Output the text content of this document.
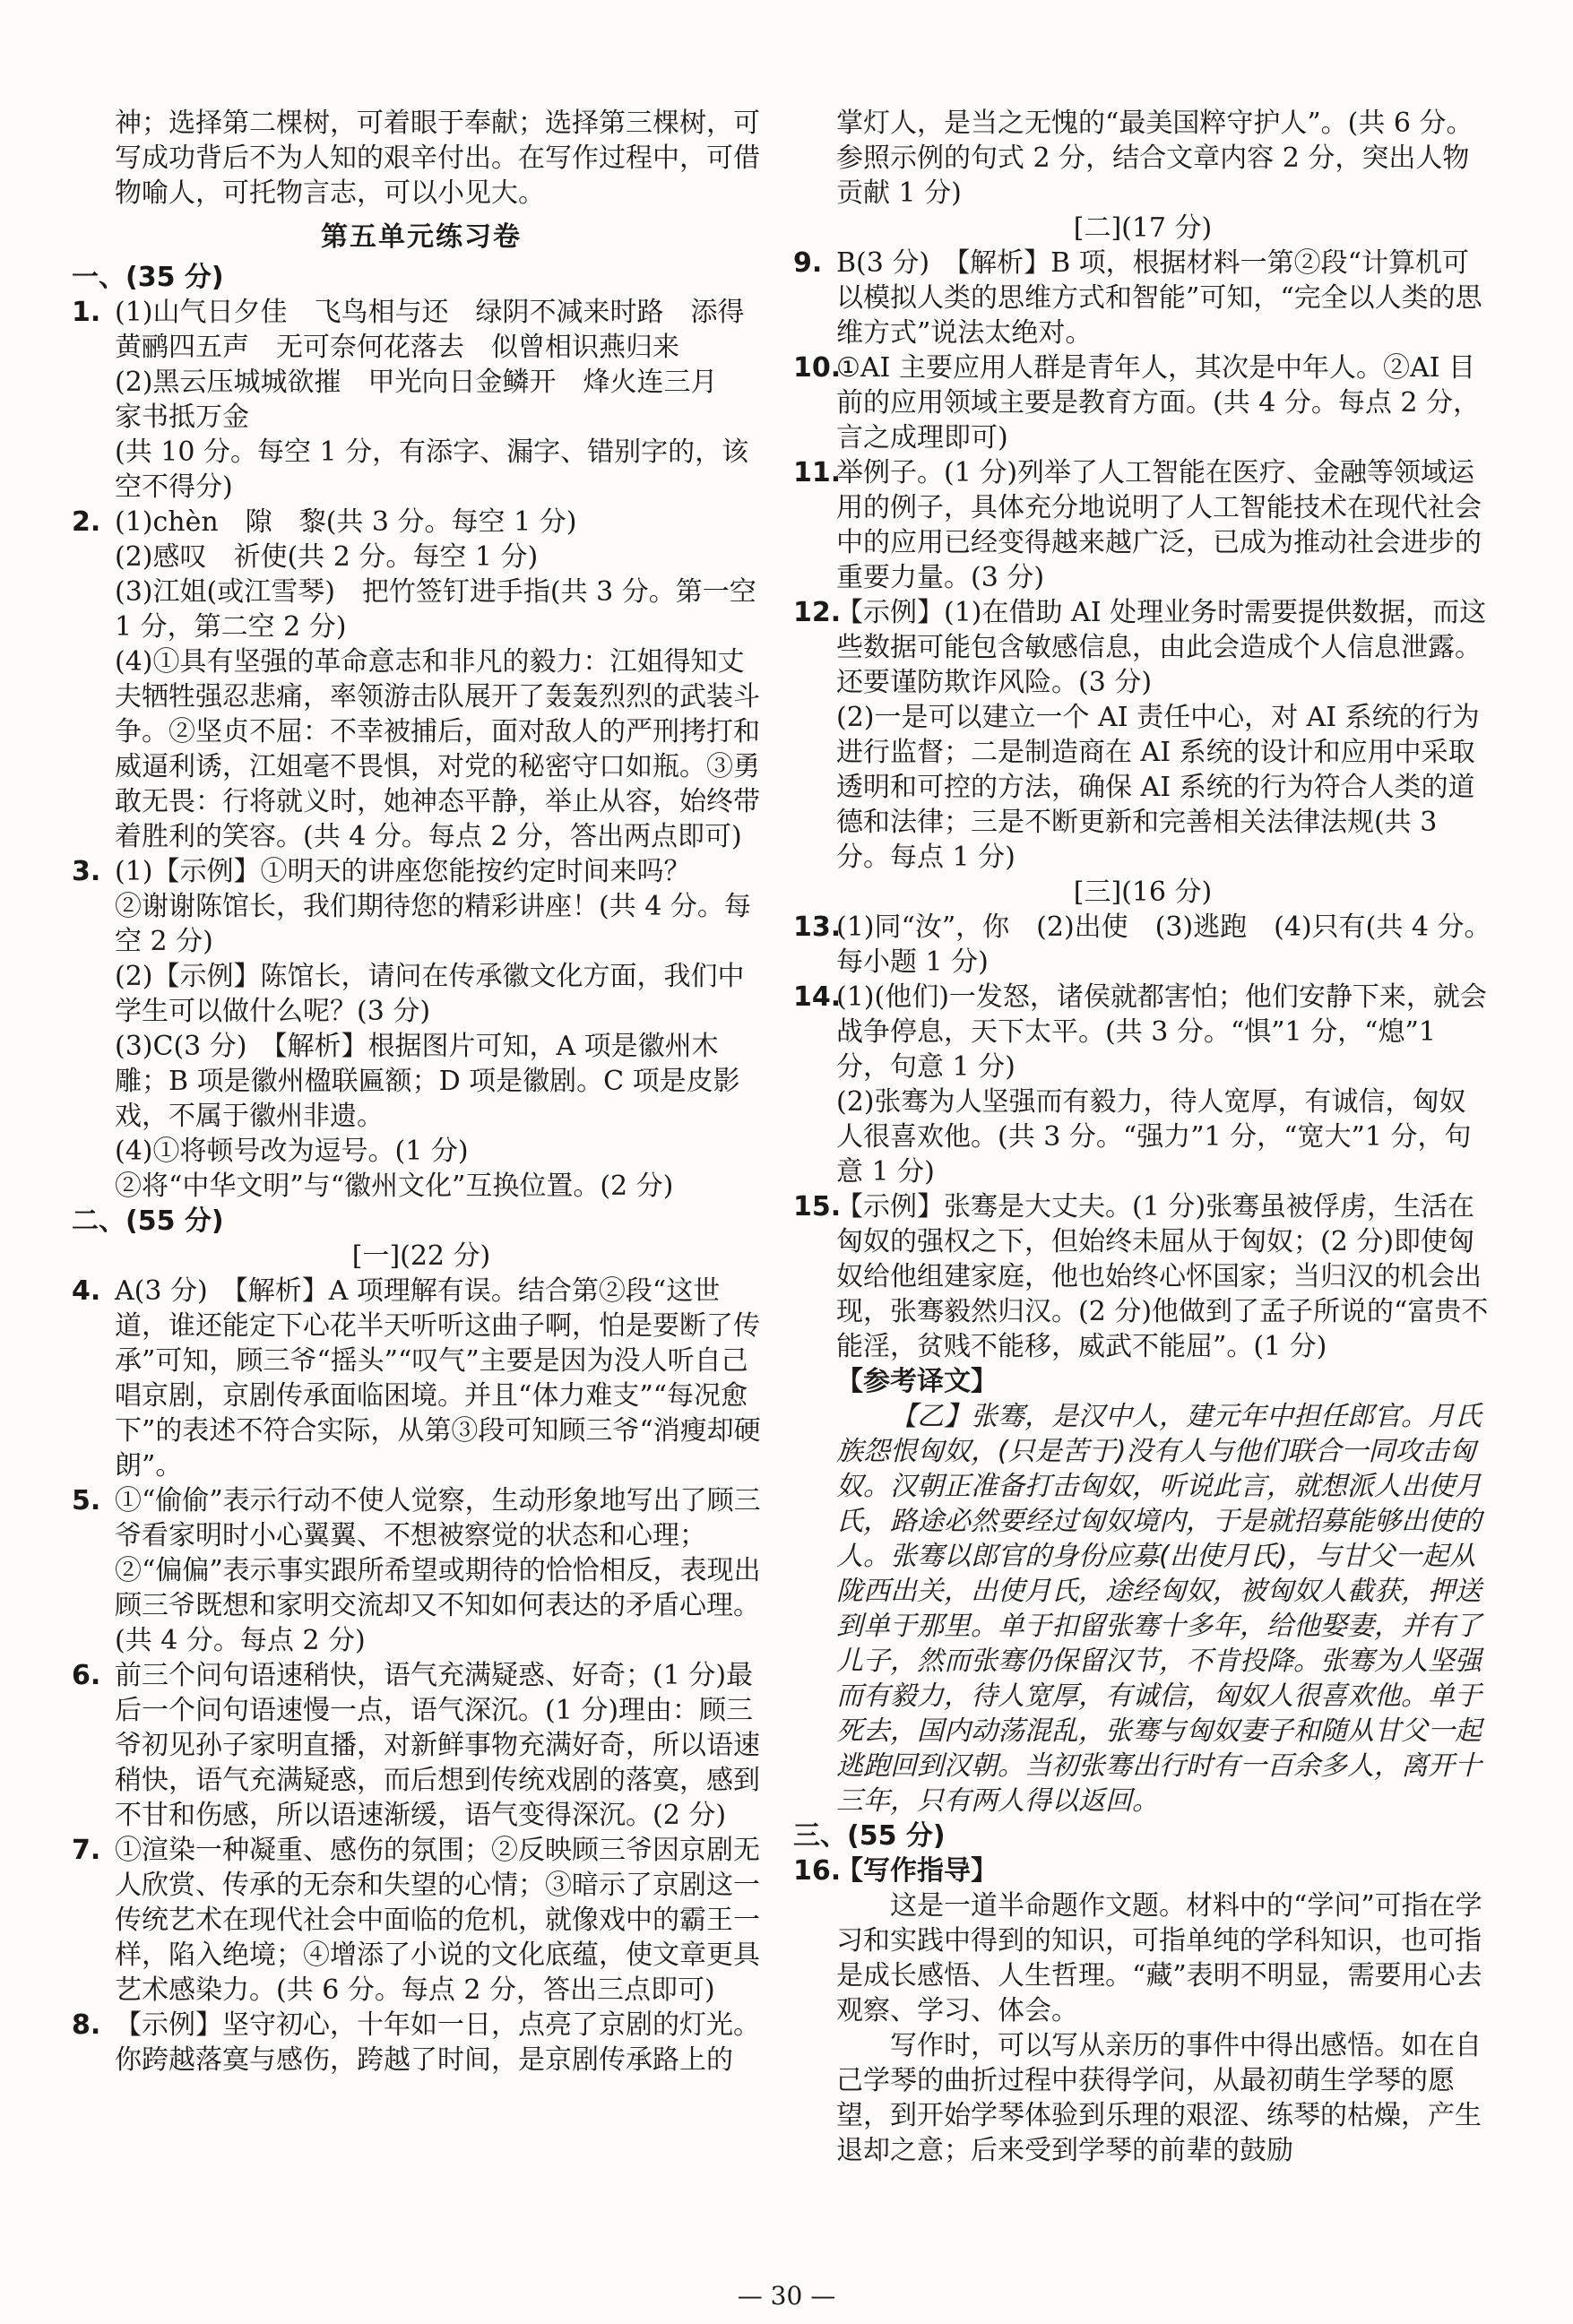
神；选择第二棵树，可着眼于奉献；选择第三棵树，可写成功背后不为人知的艰辛付出。在写作过程中，可借物喻人，可托物言志，可以小见大。
第五单元练习卷
一、(35 分)
1. (1)山气日夕佳　飞鸟相与还　绿阴不减来时路　添得黄鹂四五声　无可奈何花落去　似曾相识燕归来
(2)黑云压城城欲摧　甲光向日金鳞开　烽火连三月　家书抵万金
(共 10 分。每空 1 分，有添字、漏字、错别字的，该空不得分)
2. (1)chèn　隙　黎(共 3 分。每空 1 分)
(2)感叹　祈使(共 2 分。每空 1 分)
(3)江姐(或江雪琴)　把竹签钉进手指(共 3 分。第一空 1 分，第二空 2 分)
(4)①具有坚强的革命意志和非凡的毅力：江姐得知丈夫牺牲强忍悲痛，率领游击队展开了轰轰烈烈的武装斗争。②坚贞不屈：不幸被捕后，面对敌人的严刑拷打和威逼利诱，江姐毫不畏惧，对党的秘密守口如瓶。③勇敢无畏：行将就义时，她神态平静，举止从容，始终带着胜利的笑容。(共 4 分。每点 2 分，答出两点即可)
3. (1)【示例】①明天的讲座您能按约定时间来吗？
②谢谢陈馆长，我们期待您的精彩讲座！(共 4 分。每空 2 分)
(2)【示例】陈馆长，请问在传承徽文化方面，我们中学生可以做什么呢？(3 分)
(3)C(3 分)　【解析】根据图片可知，A 项是徽州木雕；B 项是徽州楹联匾额；D 项是徽剧。C 项是皮影戏，不属于徽州非遗。
(4)①将顿号改为逗号。(1 分)
②将“中华文明”与“徽州文化”互换位置。(2 分)
二、(55 分)
[一](22 分)
4. A(3 分)　【解析】A 项理解有误。结合第②段“这世道，谁还能定下心花半天听听这曲子啊，怕是要断了传承”可知，顾三爷“摇头”“叹气”主要是因为没人听自己唱京剧，京剧传承面临困境。并且“体力难支”“每况愈下”的表述不符合实际，从第③段可知顾三爷“消瘦却硬朗”。
5. ①“偷偷”表示行动不使人觉察，生动形象地写出了顾三爷看家明时小心翼翼、不想被察觉的状态和心理；②“偏偏”表示事实跟所希望或期待的恰恰相反，表现出顾三爷既想和家明交流却又不知如何表达的矛盾心理。(共 4 分。每点 2 分)
6. 前三个问句语速稍快，语气充满疑惑、好奇；(1 分)最后一个问句语速慢一点，语气深沉。(1 分)理由：顾三爷初见孙子家明直播，对新鲜事物充满好奇，所以语速稍快，语气充满疑惑，而后想到传统戏剧的落寞，感到不甘和伤感，所以语速渐缓，语气变得深沉。(2 分)
7. ①渲染一种凝重、感伤的氛围；②反映顾三爷因京剧无人欣赏、传承的无奈和失望的心情；③暗示了京剧这一传统艺术在现代社会中面临的危机，就像戏中的霸王一样，陷入绝境；④增添了小说的文化底蕴，使文章更具艺术感染力。(共 6 分。每点 2 分，答出三点即可)
8. 【示例】坚守初心，十年如一日，点亮了京剧的灯光。你跨越落寞与感伤，跨越了时间，是京剧传承路上的
掌灯人，是当之无愧的“最美国粹守护人”。(共 6 分。参照示例的句式 2 分，结合文章内容 2 分，突出人物贡献 1 分)
[二](17 分)
9. B(3 分)　【解析】B 项，根据材料一第②段“计算机可以模拟人类的思维方式和智能”可知，“完全以人类的思维方式”说法太绝对。
10.
①AI 主要应用人群是青年人，其次是中年人。②AI 目前的应用领域主要是教育方面。(共 4 分。每点 2 分，言之成理即可)
11.
举例子。(1 分)列举了人工智能在医疗、金融等领域运用的例子，具体充分地说明了人工智能技术在现代社会中的应用已经变得越来越广泛，已成为推动社会进步的重要力量。(3 分)
12.
【示例】(1)在借助 AI 处理业务时需要提供数据，而这些数据可能包含敏感信息，由此会造成个人信息泄露。还要谨防欺诈风险。(3 分)
(2)一是可以建立一个 AI 责任中心，对 AI 系统的行为进行监督；二是制造商在 AI 系统的设计和应用中采取透明和可控的方法，确保 AI 系统的行为符合人类的道德和法律；三是不断更新和完善相关法律法规(共 3 分。每点 1 分)
[三](16 分)
13.
(1)同“汝”，你　(2)出使　(3)逃跑　(4)只有(共 4 分。每小题 1 分)
14.
(1)(他们)一发怒，诸侯就都害怕；他们安静下来，就会战争停息，天下太平。(共 3 分。“惧”1 分，“熄”1 分，句意 1 分)
(2)张骞为人坚强而有毅力，待人宽厚，有诚信，匈奴人很喜欢他。(共 3 分。“强力”1 分，“宽大”1 分，句意 1 分)
15.
【示例】张骞是大丈夫。(1 分)张骞虽被俘虏，生活在匈奴的强权之下，但始终未屈从于匈奴；(2 分)即使匈奴给他组建家庭，他也始终心怀国家；当归汉的机会出现，张骞毅然归汉。(2 分)他做到了孟子所说的“富贵不能淫，贫贱不能移，威武不能屈”。(1 分)
【参考译文】
【乙】张骞，是汉中人，建元年中担任郎官。月氏族怨恨匈奴，(只是苦于)没有人与他们联合一同攻击匈奴。汉朝正准备打击匈奴，听说此言，就想派人出使月氏，路途必然要经过匈奴境内，于是就招募能够出使的人。张骞以郎官的身份应募(出使月氏)，与甘父一起从陇西出关，出使月氏，途经匈奴，被匈奴人截获，押送到单于那里。单于扣留张骞十多年，给他娶妻，并有了儿子，然而张骞仍保留汉节，不肯投降。张骞为人坚强而有毅力，待人宽厚，有诚信，匈奴人很喜欢他。单于死去，国内动荡混乱，张骞与匈奴妻子和随从甘父一起逃跑回到汉朝。当初张骞出行时有一百余多人，离开十三年，只有两人得以返回。
三、(55 分)
16.
【写作指导】
这是一道半命题作文题。材料中的“学问”可指在学习和实践中得到的知识，可指单纯的学科知识，也可指是成长感悟、人生哲理。“藏”表明不明显，需要用心去观察、学习、体会。
写作时，可以写从亲历的事件中得出感悟。如在自己学琴的曲折过程中获得学问，从最初萌生学琴的愿望，到开始学琴体验到乐理的艰涩、练琴的枯燥，产生退却之意；后来受到学琴的前辈的鼓励
— 30 —
